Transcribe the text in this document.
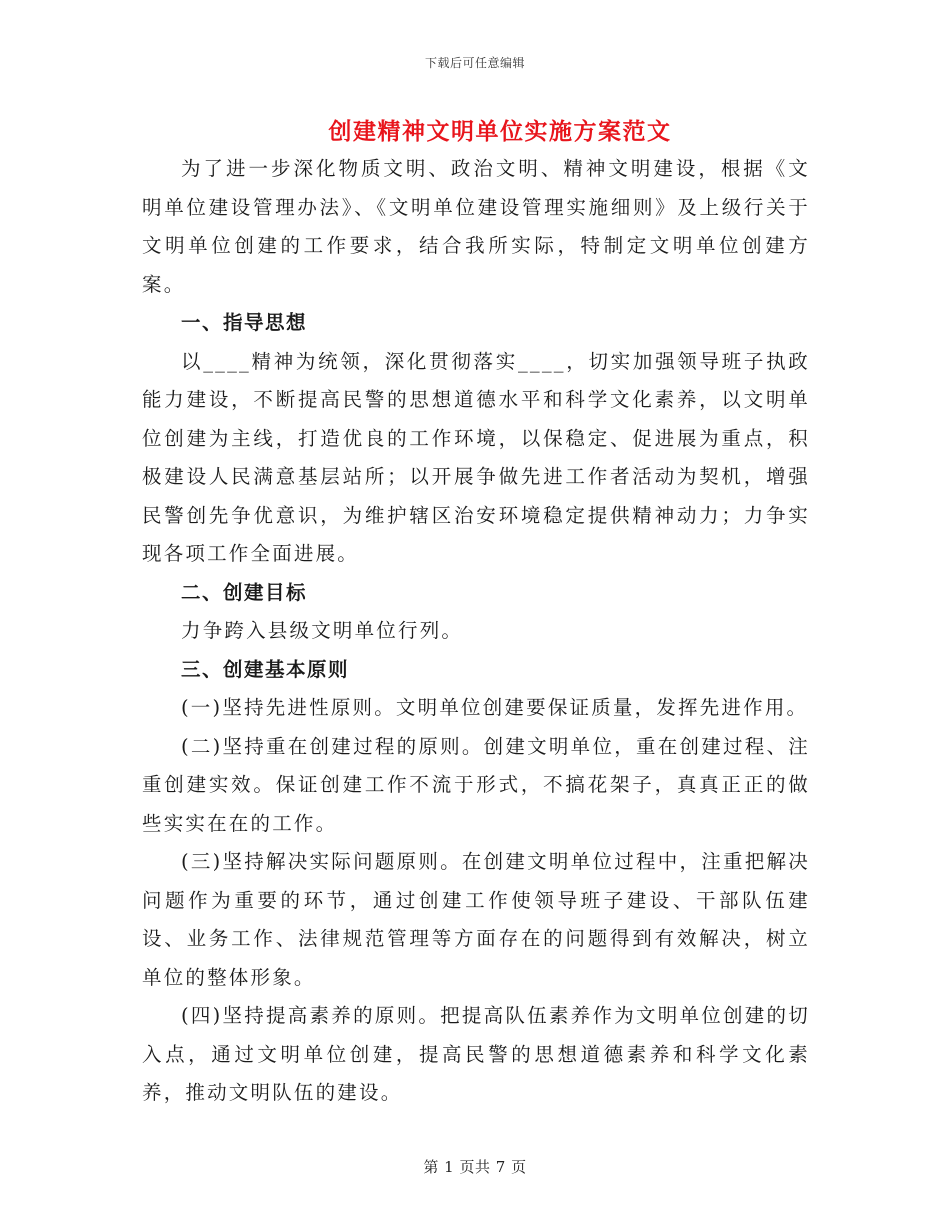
下载后可任意编辑
创建精神文明单位实施方案范文

为了进一步深化物质文明、政治文明、精神文明建设，根据《文明单位建设管理办法》、《文明单位建设管理实施细则》及上级行关于文明单位创建的工作要求，结合我所实际，特制定文明单位创建方案。

一、指导思想

以____精神为统领，深化贯彻落实____，切实加强领导班子执政能力建设，不断提高民警的思想道德水平和科学文化素养，以文明单位创建为主线，打造优良的工作环境，以保稳定、促进展为重点，积极建设人民满意基层站所；以开展争做先进工作者活动为契机，增强民警创先争优意识，为维护辖区治安环境稳定提供精神动力；力争实现各项工作全面进展。

二、创建目标

力争跨入县级文明单位行列。

三、创建基本原则

(一)坚持先进性原则。文明单位创建要保证质量，发挥先进作用。

(二)坚持重在创建过程的原则。创建文明单位，重在创建过程、注重创建实效。保证创建工作不流于形式，不搞花架子，真真正正的做些实实在在的工作。

(三)坚持解决实际问题原则。在创建文明单位过程中，注重把解决问题作为重要的环节，通过创建工作使领导班子建设、干部队伍建设、业务工作、法律规范管理等方面存在的问题得到有效解决，树立单位的整体形象。

(四)坚持提高素养的原则。把提高队伍素养作为文明单位创建的切入点，通过文明单位创建，提高民警的思想道德素养和科学文化素养，推动文明队伍的建设。

第 1 页共 7 页
